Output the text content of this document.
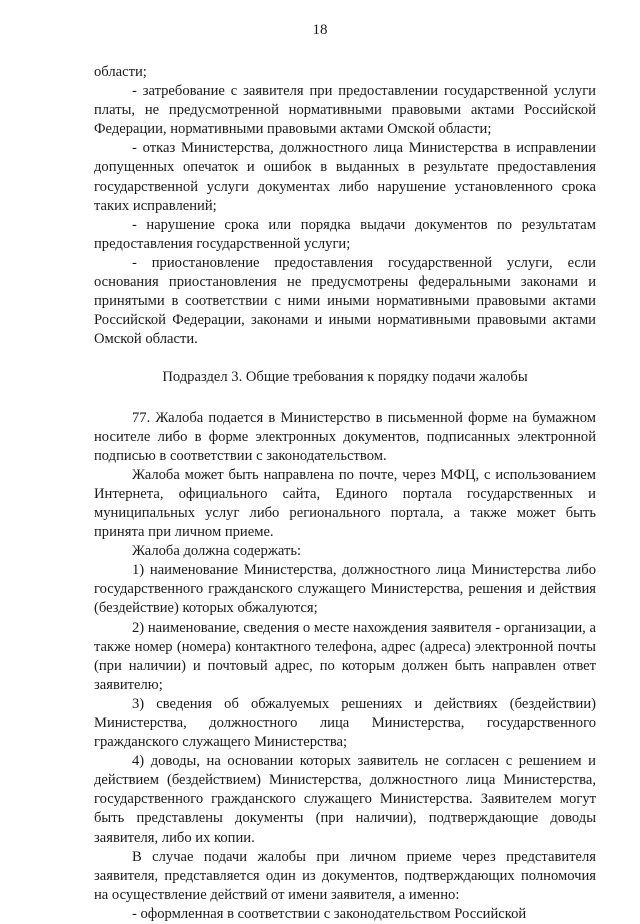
18

области;

- затребование с заявителя при предоставлении государственной услуги платы, не предусмотренной нормативными правовыми актами Российской Федерации, нормативными правовыми актами Омской области;

- отказ Министерства, должностного лица Министерства в исправлении допущенных опечаток и ошибок в выданных в результате предоставления государственной услуги документах либо нарушение установленного срока таких исправлений;

- нарушение срока или порядка выдачи документов по результатам предоставления государственной услуги;

- приостановление предоставления государственной услуги, если основания приостановления не предусмотрены федеральными законами и принятыми в соответствии с ними иными нормативными правовыми актами Российской Федерации, законами и иными нормативными правовыми актами Омской области.

Подраздел 3. Общие требования к порядку подачи жалобы

77. Жалоба подается в Министерство в письменной форме на бумажном носителе либо в форме электронных документов, подписанных электронной подписью в соответствии с законодательством.

Жалоба может быть направлена по почте, через МФЦ, с использованием Интернета, официального сайта, Единого портала государственных и муниципальных услуг либо регионального портала, а также может быть принята при личном приеме.

Жалоба должна содержать:

1) наименование Министерства, должностного лица Министерства либо государственного гражданского служащего Министерства, решения и действия (бездействие) которых обжалуются;

2) наименование, сведения о месте нахождения заявителя - организации, а также номер (номера) контактного телефона, адрес (адреса) электронной почты (при наличии) и почтовый адрес, по которым должен быть направлен ответ заявителю;

3) сведения об обжалуемых решениях и действиях (бездействии) Министерства, должностного лица Министерства, государственного гражданского служащего Министерства;

4) доводы, на основании которых заявитель не согласен с решением и действием (бездействием) Министерства, должностного лица Министерства, государственного гражданского служащего Министерства. Заявителем могут быть представлены документы (при наличии), подтверждающие доводы заявителя, либо их копии.

В случае подачи жалобы при личном приеме через представителя заявителя, представляется один из документов, подтверждающих полномочия на осуществление действий от имени заявителя, а именно:

- оформленная в соответствии с законодательством Российской
